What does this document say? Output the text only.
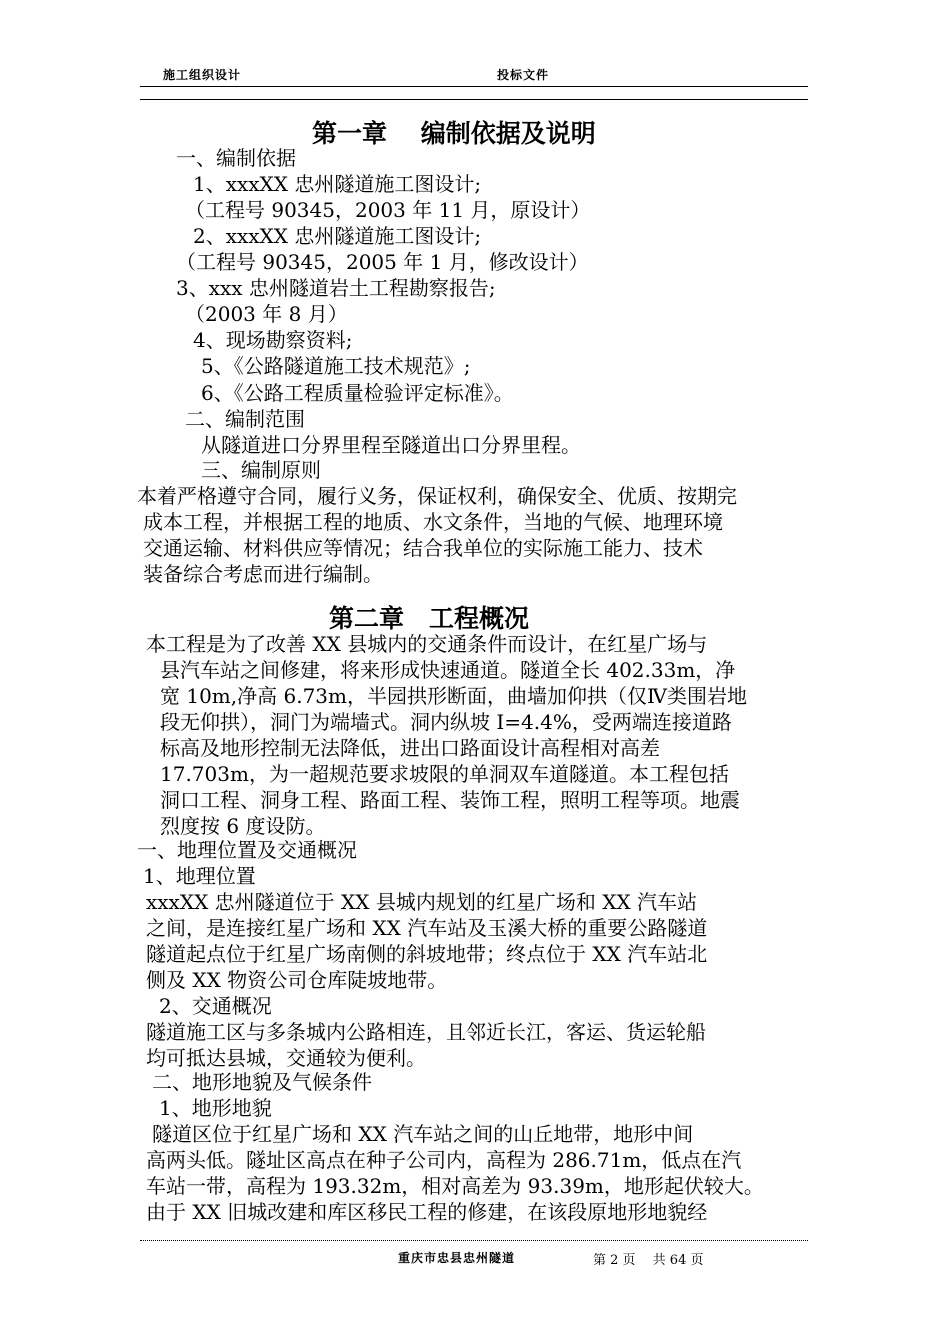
施工组织设计	投标文件
第一章　 编制依据及说明
一、编制依据
1、xxxXX 忠州隧道施工图设计;
（工程号 90345，2003 年 11 月，原设计）
2、xxxXX 忠州隧道施工图设计;
（工程号 90345，2005 年 1 月，修改设计）
3、xxx 忠州隧道岩土工程勘察报告;
（2003 年 8 月）
4、现场勘察资料;
5、《公路隧道施工技术规范》;
6、《公路工程质量检验评定标准》。
二、编制范围
从隧道进口分界里程至隧道出口分界里程。
三、编制原则
本着严格遵守合同，履行义务，保证权利，确保安全、优质、按期完
成本工程，并根据工程的地质、水文条件，当地的气候、地理环境
交通运输、材料供应等情况；结合我单位的实际施工能力、技术
装备综合考虑而进行编制。
第二章　工程概况
本工程是为了改善 XX 县城内的交通条件而设计，在红星广场与
县汽车站之间修建，将来形成快速通道。隧道全长 402.33m，净
宽 10m,净高 6.73m，半园拱形断面，曲墙加仰拱（仅Ⅳ类围岩地
段无仰拱），洞门为端墙式。洞内纵坡 I=4.4%，受两端连接道路
标高及地形控制无法降低，进出口路面设计高程相对高差
17.703m，为一超规范要求坡限的单洞双车道隧道。本工程包括
洞口工程、洞身工程、路面工程、装饰工程，照明工程等项。地震
烈度按 6 度设防。
一、地理位置及交通概况
1、地理位置
xxxXX 忠州隧道位于 XX 县城内规划的红星广场和 XX 汽车站
之间，是连接红星广场和 XX 汽车站及玉溪大桥的重要公路隧道
隧道起点位于红星广场南侧的斜坡地带；终点位于 XX 汽车站北
侧及 XX 物资公司仓库陡坡地带。
2、交通概况
隧道施工区与多条城内公路相连，且邻近长江，客运、货运轮船
均可抵达县城，交通较为便利。
二、地形地貌及气候条件
1、地形地貌
隧道区位于红星广场和 XX 汽车站之间的山丘地带，地形中间
高两头低。隧址区高点在种子公司内，高程为 286.71m，低点在汽
车站一带，高程为 193.32m，相对高差为 93.39m，地形起伏较大。
由于 XX 旧城改建和库区移民工程的修建，在该段原地形地貌经
重庆市忠县忠州隧道	第 2 页　 共 64 页
